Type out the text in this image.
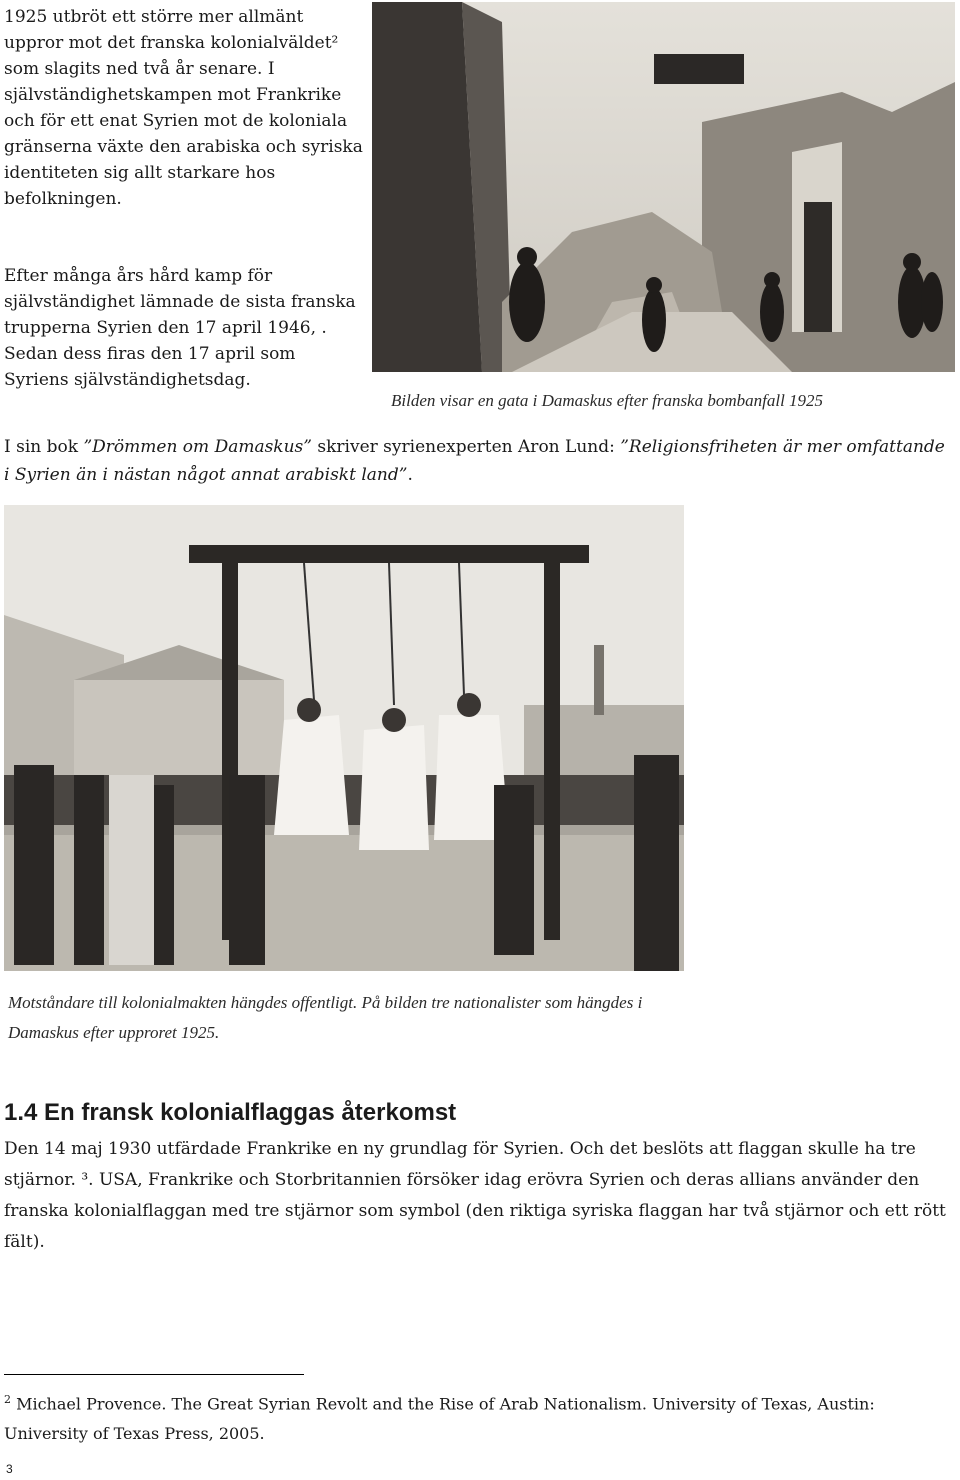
1925 utbröt ett större mer allmänt uppror mot det franska kolonialväldet² som slagits ned två år senare. I självständighetskampen mot Frankrike och för ett enat Syrien mot de koloniala gränserna växte den arabiska och syriska identiteten sig allt starkare hos befolkningen.

Efter många års hård kamp för självständighet lämnade de sista franska trupperna Syrien den 17 april 1946, . Sedan dess firas den 17 april som Syriens självständighetsdag.

Bilden visar en gata i Damaskus efter franska bombanfall 1925

I sin bok ”Drömmen om Damaskus” skriver syrienexperten Aron Lund: ”Religionsfriheten är mer omfattande i Syrien än i nästan något annat arabiskt land”.

Motståndare till kolonialmakten hängdes offentligt. På bilden tre nationalister som hängdes i Damaskus efter upproret 1925.

1.4 En fransk kolonialflaggas återkomst

Den 14 maj 1930 utfärdade Frankrike en ny grundlag för Syrien. Och det beslöts att flaggan skulle ha tre stjärnor. ³. USA, Frankrike och Storbritannien försöker idag erövra Syrien och deras allians använder den franska kolonialflaggan med tre stjärnor som symbol (den riktiga syriska flaggan har två stjärnor och ett rött fält).

$^2$ Michael Provence. The Great Syrian Revolt and the Rise of Arab Nationalism. University of Texas, Austin: University of Texas Press, 2005.
3
